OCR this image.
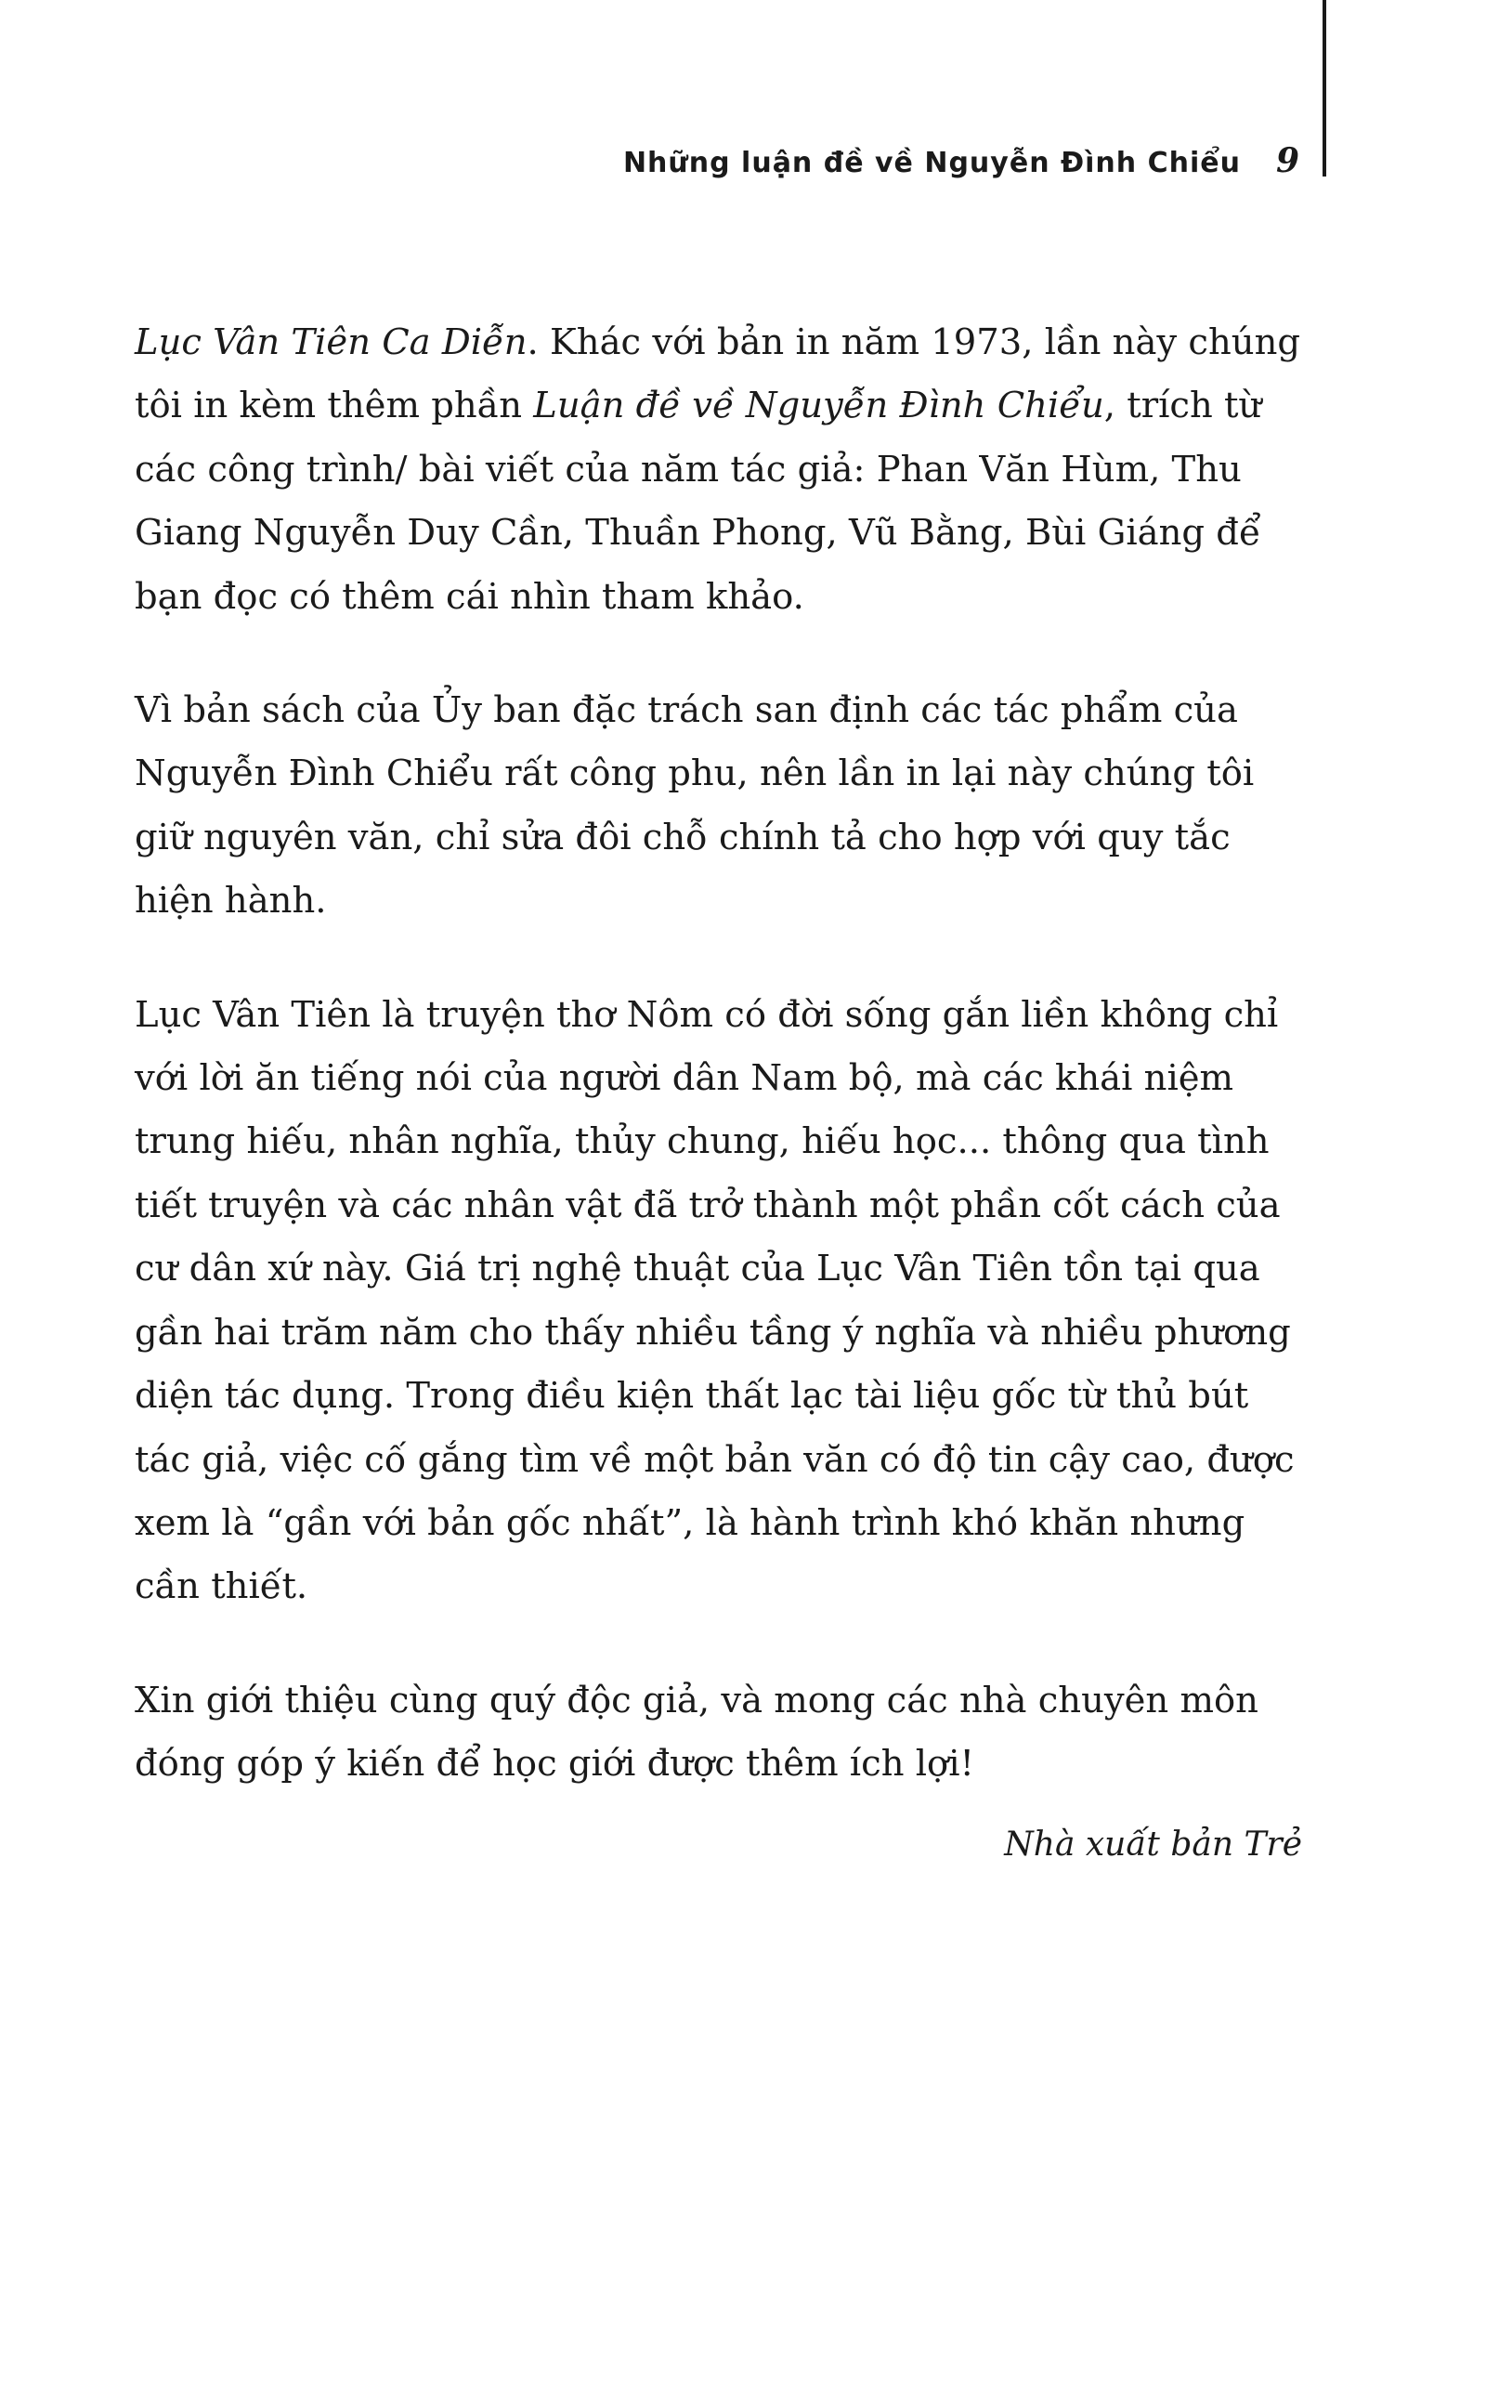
Những luận đề về Nguyễn Đình Chiểu 9

Lục Vân Tiên Ca Diễn. Khác với bản in năm 1973, lần này chúng
tôi in kèm thêm phần Luận đề về Nguyễn Đình Chiểu, trích từ
các công trình/ bài viết của năm tác giả: Phan Văn Hùm, Thu
Giang Nguyễn Duy Cần, Thuần Phong, Vũ Bằng, Bùi Giáng để
bạn đọc có thêm cái nhìn tham khảo.

Vì bản sách của Ủy ban đặc trách san định các tác phẩm của
Nguyễn Đình Chiểu rất công phu, nên lần in lại này chúng tôi
giữ nguyên văn, chỉ sửa đôi chỗ chính tả cho hợp với quy tắc
hiện hành.

Lục Vân Tiên là truyện thơ Nôm có đời sống gắn liền không chỉ
với lời ăn tiếng nói của người dân Nam bộ, mà các khái niệm
trung hiếu, nhân nghĩa, thủy chung, hiếu học... thông qua tình
tiết truyện và các nhân vật đã trở thành một phần cốt cách của
cư dân xứ này. Giá trị nghệ thuật của Lục Vân Tiên tồn tại qua
gần hai trăm năm cho thấy nhiều tầng ý nghĩa và nhiều phương
diện tác dụng. Trong điều kiện thất lạc tài liệu gốc từ thủ bút
tác giả, việc cố gắng tìm về một bản văn có độ tin cậy cao, được
xem là “gần với bản gốc nhất”, là hành trình khó khăn nhưng
cần thiết.

Xin giới thiệu cùng quý độc giả, và mong các nhà chuyên môn
đóng góp ý kiến để học giới được thêm ích lợi!

Nhà xuất bản Trẻ
